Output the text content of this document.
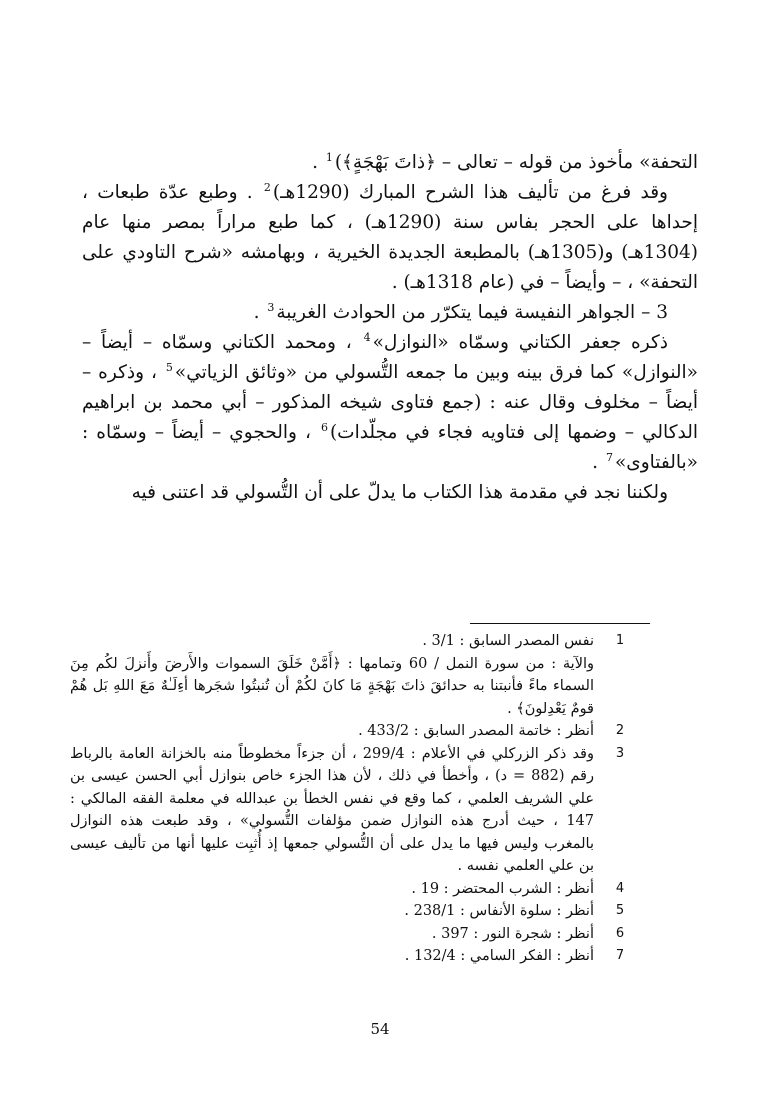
التحفة» مأخوذ من قوله – تعالى – ﴿ذاتَ بَهْجَةٍ﴾)$^1$ .

وقد فرغ من تأليف هذا الشرح المبارك (1290هـ)$^2$ . وطبع عدّة طبعات ، إحداها على الحجر بفاس سنة (1290هـ) ، كما طبع مراراً بمصر منها عام (1304هـ) و(1305هـ) بالمطبعة الجديدة الخيرية ، وبهامشه «شرح التاودي على التحفة» ، – وأيضاً – في (عام 1318هـ) .

3 – الجواهر النفيسة فيما يتكرّر من الحوادث الغريبة$^3$ .

ذكره جعفر الكتاني وسمّاه «النوازل»$^4$ ، ومحمد الكتاني وسمّاه – أيضاً – «النوازل» كما فرق بينه وبين ما جمعه التُّسولي من «وثائق الزياتي»$^5$ ، وذكره – أيضاً – مخلوف وقال عنه : (جمع فتاوى شيخه المذكور – أبي محمد بن ابراهيم الدكالي – وضمها إلى فتاويه فجاء في مجلّدات)$^6$ ، والحجوي – أيضاً – وسمّاه : «بالفتاوى»$^7$ .

ولكننا نجد في مقدمة هذا الكتاب ما يدلّ على أن التُّسولي قد اعتنى فيه

1

نفس المصدر السابق : 3/1 .

والآية : من سورة النمل / 60 وتمامها : ﴿أَمَّنْ خَلَقَ السموات والأَرضَ وأَنزلَ لكُم مِنَ السماء ماءً فأنبتنا به حدائقَ ذاتَ بَهْجَةٍ مَا كانَ لكُمْ أن تُنبتُوا شجَرها أءِلَـٰهٌ مَعَ اللهِ بَل هُمْ قومٌ يَعْدِلونَ﴾ .

2

أنظر : خاتمة المصدر السابق : 433/2 .

3

وقد ذكر الزركلي في الأعلام : 299/4 ، أن جزءاً مخطوطاً منه بالخزانة العامة بالرباط رقم (882 = د) ، وأخطأ في ذلك ، لأن هذا الجزء خاص بنوازل أبي الحسن عيسى بن علي الشريف العلمي ، كما وقع في نفس الخطأ بن عبدالله في معلمة الفقه المالكي : 147 ، حيث أدرج هذه النوازل ضمن مؤلفات التُّسولي» ، وقد طبعت هذه النوازل بالمغرب وليس فيها ما يدل على أن التُّسولي جمعها إذ أُثبِت عليها أنها من تأليف عيسى بن علي العلمي نفسه .

4

أنظر : الشرب المحتضر : 19 .

5

أنظر : سلوة الأنفاس : 238/1 .

6

أنظر : شجرة النور : 397 .

7

أنظر : الفكر السامي : 132/4 .

54
